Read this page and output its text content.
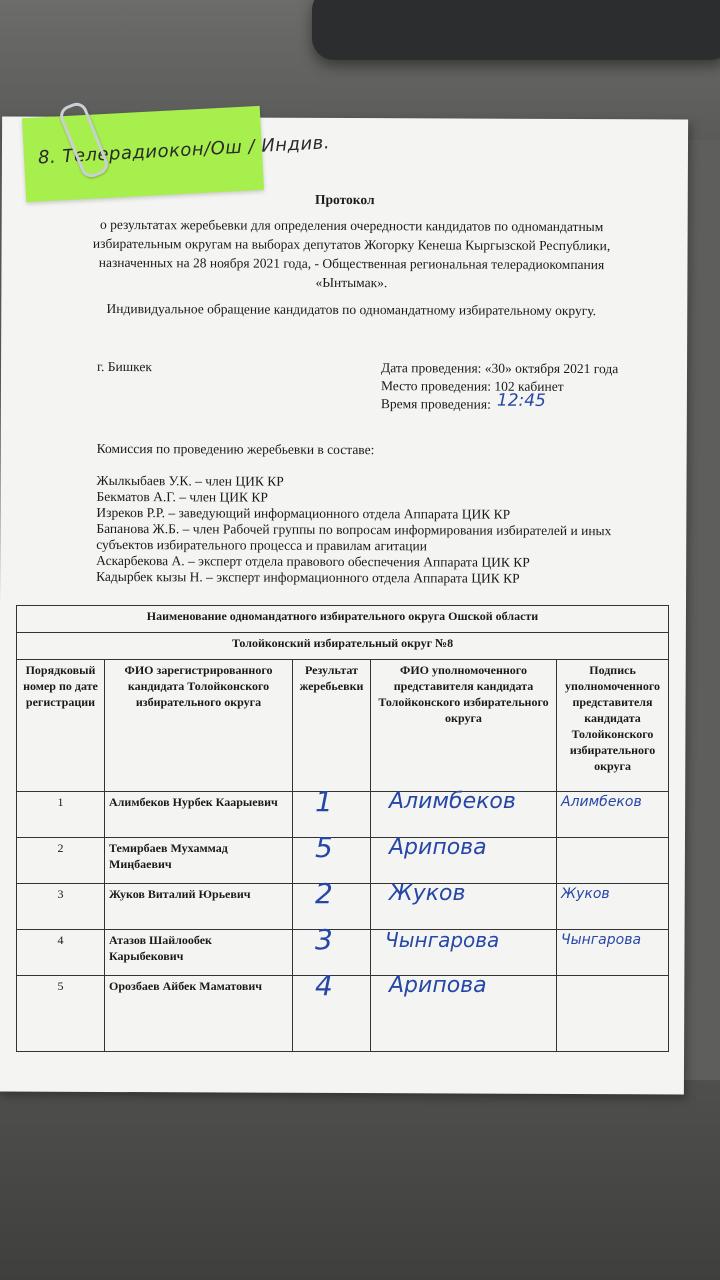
Протокол
о результатах жеребьевки для определения очередности кандидатов по одномандатным
избирательным округам на выборах депутатов Жогорку Кенеша Кыргызской Республики,
назначенных на 28 ноября 2021 года, - Общественная региональная телерадиокомпания
«Ынтымак».
Индивидуальное обращение кандидатов по одномандатному избирательному округу.
г. Бишкек	Дата проведения: «30» октября 2021 года
Место проведения: 102 кабинет
Время проведения: 12:45
Комиссия по проведению жеребьевки в составе:
Жылкыбаев У.К. – член ЦИК КР
Бекматов А.Г. – член ЦИК КР
Изреков Р.Р. – заведующий информационного отдела Аппарата ЦИК КР
Бапанова Ж.Б. – член Рабочей группы по вопросам информирования избирателей и иных
субъектов избирательного процесса и правилам агитации
Аскарбекова А. – эксперт отдела правового обеспечения Аппарата ЦИК КР
Кадырбек кызы Н. – эксперт информационного отдела Аппарата ЦИК КР
8. Телерадиокон/Ош / Индив.
Наименование одномандатного избирательного округа Ошской области				
Толойконский избирательный округ №8				
Порядковый номер по дате регистрации	ФИО зарегистрированного кандидата Толойконского избирательного округа	Результат жеребьевки	ФИО уполномоченного представителя кандидата Толойконского избирательного округа	Подпись уполномоченного представителя кандидата Толойконского избирательного округа
1	Алимбеков Нурбек Каарыевич	1	Алимбеков	Алимбеков
2	Темирбаев Мухаммад Миңбаевич	5	Арипова	
3	Жуков Виталий Юрьевич	2	Жуков	Жуков
4	Атазов Шайлообек Карыбекович	3	Чынгарова	Чынгарова
5	Орозбаев Айбек Маматович	4	Арипова	
